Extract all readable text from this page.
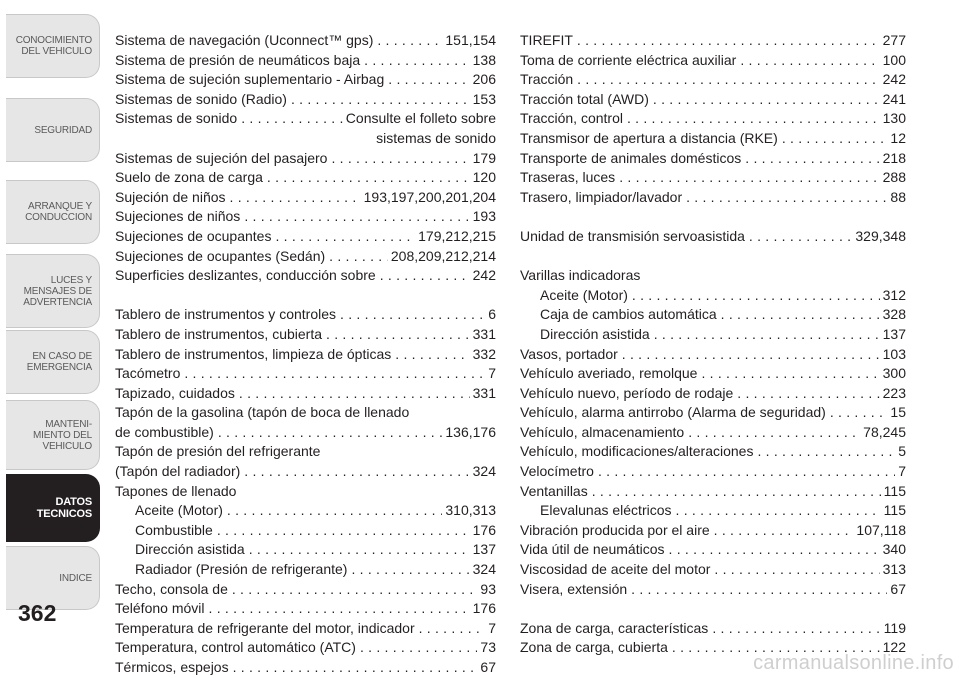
CONOCIMIENTO
DEL VEHICULO
SEGURIDAD
ARRANQUE Y
CONDUCCION
LUCES Y
MENSAJES DE
ADVERTENCIA
EN CASO DE
EMERGENCIA
MANTENI-
MIENTO DEL
VEHICULO
DATOS
TECNICOS
INDICE
362
Sistema de navegación (Uconnect™ gps) .....	151,154
Sistema de presión de neumáticos baja .....	138
Sistema de sujeción suplementario - Airbag .....	206
Sistemas de sonido (Radio) .....	153
Sistemas de sonido .....	Consulte el folleto sobre
sistemas de sonido
Sistemas de sujeción del pasajero .....	179
Suelo de zona de carga .....	120
Sujeción de niños .....	193,197,200,201,204
Sujeciones de niños .....	193
Sujeciones de ocupantes .....	179,212,215
Sujeciones de ocupantes (Sedán) .....	208,209,212,214
Superficies deslizantes, conducción sobre .....	242
Tablero de instrumentos y controles .....	6
Tablero de instrumentos, cubierta .....	331
Tablero de instrumentos, limpieza de ópticas .....	332
Tacómetro .....	7
Tapizado, cuidados .....	331
Tapón de la gasolina (tapón de boca de llenado
de combustible) .....	136,176
Tapón de presión del refrigerante
(Tapón del radiador) .....	324
Tapones de llenado
Aceite (Motor) .....	310,313
Combustible .....	176
Dirección asistida .....	137
Radiador (Presión de refrigerante) .....	324
Techo, consola de .....	93
Teléfono móvil .....	176
Temperatura de refrigerante del motor, indicador .....	7
Temperatura, control automático (ATC) .....	73
Térmicos, espejos .....	67
TIREFIT .....	277
Toma de corriente eléctrica auxiliar .....	100
Tracción .....	242
Tracción total (AWD) .....	241
Tracción, control .....	130
Transmisor de apertura a distancia (RKE) .....	12
Transporte de animales domésticos .....	218
Traseras, luces .....	288
Trasero, limpiador/lavador .....	88
Unidad de transmisión servoasistida .....	329,348
Varillas indicadoras
Aceite (Motor) .....	312
Caja de cambios automática .....	328
Dirección asistida .....	137
Vasos, portador .....	103
Vehículo averiado, remolque .....	300
Vehículo nuevo, período de rodaje .....	223
Vehículo, alarma antirrobo (Alarma de seguridad) .....	15
Vehículo, almacenamiento .....	78,245
Vehículo, modificaciones/alteraciones .....	5
Velocímetro .....	7
Ventanillas .....	115
Elevalunas eléctricos .....	115
Vibración producida por el aire .....	107,118
Vida útil de neumáticos .....	340
Viscosidad de aceite del motor .....	313
Visera, extensión .....	67
Zona de carga, características .....	119
Zona de carga, cubierta .....	122
carmanualsonline.info
